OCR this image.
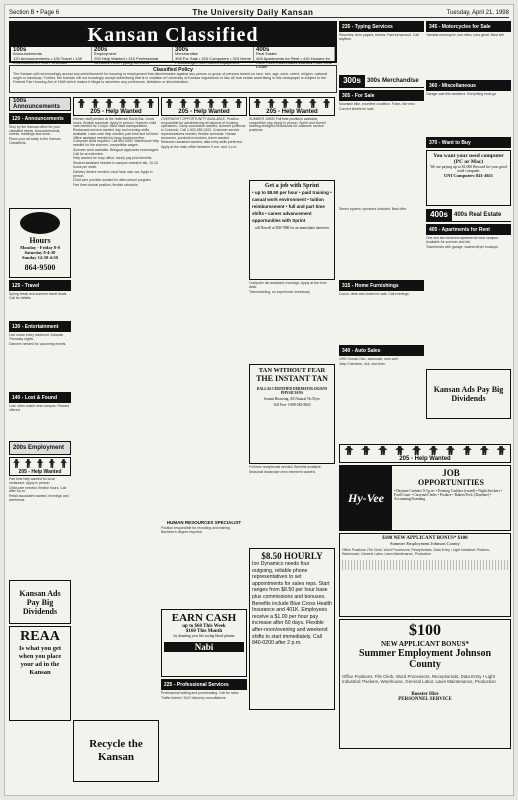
Section B • Page 6	The University Daily Kansan	Tuesday, April 21, 1998
Kansan Classified
100s
Announcements
120 Announcements • 125 Travel • 130 Entertainment • 135 Personals
200s
Employment
205 Help Wanted • 210 Professional Services • 215 Typing Services
300s
Merchandise
305 For Sale • 310 Computers • 315 Home Furnishings • 320 Stereo Equipment
400s
Real Estate
405 Apartments for Rent • 410 Houses for Rent • 415 Roommates Wanted • 440 Real Estate
Classified Policy
The Kansan will not knowingly accept any advertisement for housing or employment that discriminates against any person or group of persons based on race, sex, age, color, creed, religion, national origin or handicap. Further, the Kansan will not knowingly accept advertising that is in violation of University of Kansas regulations or law. All real estate advertising in this newspaper is subject to the Federal Fair Housing Act of 1968 which makes it illegal to advertise any preference, limitation or discrimination.
100s Announcements
120 - Announcements

Stop by the Kansan office for your classified needs. Announcements, events, meetings and more.

Place your ad today in the Kansan Classifieds.

Hours
Monday - Friday 8-8
Saturday 8-4:30
Sunday 12:30-4:30
864-9500
125 - Travel

Spring break and summer travel deals. Call for details.

130 - Entertainment

Live music every weekend. Karaoke Thursday nights.

Dancers needed for upcoming events.

140 - Lost & Found

Lost: silver watch near campus. Reward offered.

200s Employment
205 - Help Wanted

Part time help wanted for local restaurant. Apply in person.

Child care needed, flexible hours. Call after 5 p.m.

Retail associates wanted, evenings and weekends.

Kansan Ads Pay Big Dividends
REAA
Is what you get when you place your ad in the Kansan
205 - Help Wanted

Kitchen staff position at the Hallmark Sushi Bar. Great hours, flexible schedule. Apply in person. Summer child care needed for 2 boys. Must have transportation. Restaurant servers wanted, day and evening shifts available. Lawn care help needed, part time and full time. Office assistant needed for busy downtown firm. Computer skills required. Call 864-5300. Warehouse help needed for the summer, competitive wages.

Summer work available. Bilingual applicants encouraged. Call for an interview.

Help wanted for busy office, hourly pay plus benefits.

Student assistant needed in campus research lab, 10-15 hours per week.

Delivery drivers needed, must have own car. Apply in person.

Child care provider wanted for after-school program.

Part time clerical position, flexible schedule.

Recycle the Kansan
205 - Help Wanted

OVERNIGHT OPPORTUNITY AVAILABLE. Position responsible for administering all aspects of housing operations. Camp counselors wanted, summer positions in Colorado. Call 1-800-555-0100. Customer service representatives needed, flexible schedule. Human resources, production workers, tutors wanted.

Research assistant wanted, data entry skills preferred.

Apply at the main office between 9 a.m. and 4 p.m.

HUMAN RESOURCES SPECIALIST

Position responsible for recruiting and training. Bachelor's degree required.

EARN CASH
up to $60 This Week
$160 This Month
by donating your life saving blood plasma
Nabi
225 - Professional Services

Professional editing and proofreading. Call for rates.

Traffic tickets? DUI? Attorney consultations.

205 - Help Wanted

SUMMER JOBS! Full time positions available, competitive pay. Apply in person. Sprint and Norrell seeking energetic individuals for customer service positions.

Get a job with Sprint
• up to $8.50 per hour • paid training • casual work environment • tuition reimbursement • full and part time shifts • career advancement opportunities with Sprint
call Norrell at 838-7888 for an immediate interview

Computer lab assistant, evenings. Apply at the front desk.

Telemarketing, no experience necessary.

TAN WITHOUT FEAR
THE INSTANT TAN
DALLAS CERTIFIED DERMATOLOGISTS PHYSICIANS
Instant Bronzing, All Natural No Dyes
Toll Free 1-888-282-8602

Full time receptionist needed. Benefits available.

Seasonal landscape crew members wanted.

$8.50 HOURLY
Ion Dynamics needs four outgoing, reliable phone representatives to set appointments for sales reps. Start ranges from $8.50 per hour base plus commissions and bonuses. Benefits include Blue Cross Health Insurance and 401K. Employees receive a $1.00 per hour pay increase after 60 days. Flexible after-noon/evening and weekend shifts to start immediately. Call 840-0200 after 2 p.m.
235 - Typing Services

Resumes, term papers, theses. Fast turnaround. Call anytime.

300s	300s Merchandise
305 - For Sale

Mountain bike, excellent condition. Futon, like new.

Concert tickets for sale.

345 - Motorcycles for Sale

Yamaha motorcycle, low miles, runs great. Must sell.

360 - Miscellaneous

Garage sale this weekend. Everything must go.

370 - Want to Buy
You want your used computer (PC or Mac)
We are paying up to $1,000 Reward for your good used computer
UNI Computers 841-4611

Stereo system, speakers included. Best offer.

315 - Home Furnishings

Couch, desk and chairs for sale. Call evenings.

340 - Auto Sales

1990 Honda Civic, automatic, runs well.

Jeep Cherokee, 4x4, new tires.

400s	400s Real Estate
405 - Apartments for Rent

One and two bedroom apartments near campus. Available for summer and fall.

Townhomes with garage, washer/dryer hookups.

Kansan Ads Pay Big Dividends
205 - Help Wanted
Hy-Vee
JOB
OPPORTUNITIES
• Daytime Cashiers 9-3 p.m. • Evening Cashiers (varied) • Night Stockers • Food Court • Carryout/Clerks • Produce • Bakers/Tech. (Daytime) • Accounting/Scanning
$100 NEW APPLICANT BONUS* $100
Summer Employment Johnson County
Office Positions: File Clerk, Word Processors, Receptionists, Data Entry • Light Industrial: Packers, Warehouse, General Labor, Lawn Maintenance, Production
$100
NEW APPLICANT BONUS*
Summer Employment Johnson County
Office Positions: File Clerk, Word Processors, Receptionists, Data Entry • Light Industrial: Packers, Warehouse, General Labor, Lawn Maintenance, Production
Booster Hire
PERSONNEL SERVICE
